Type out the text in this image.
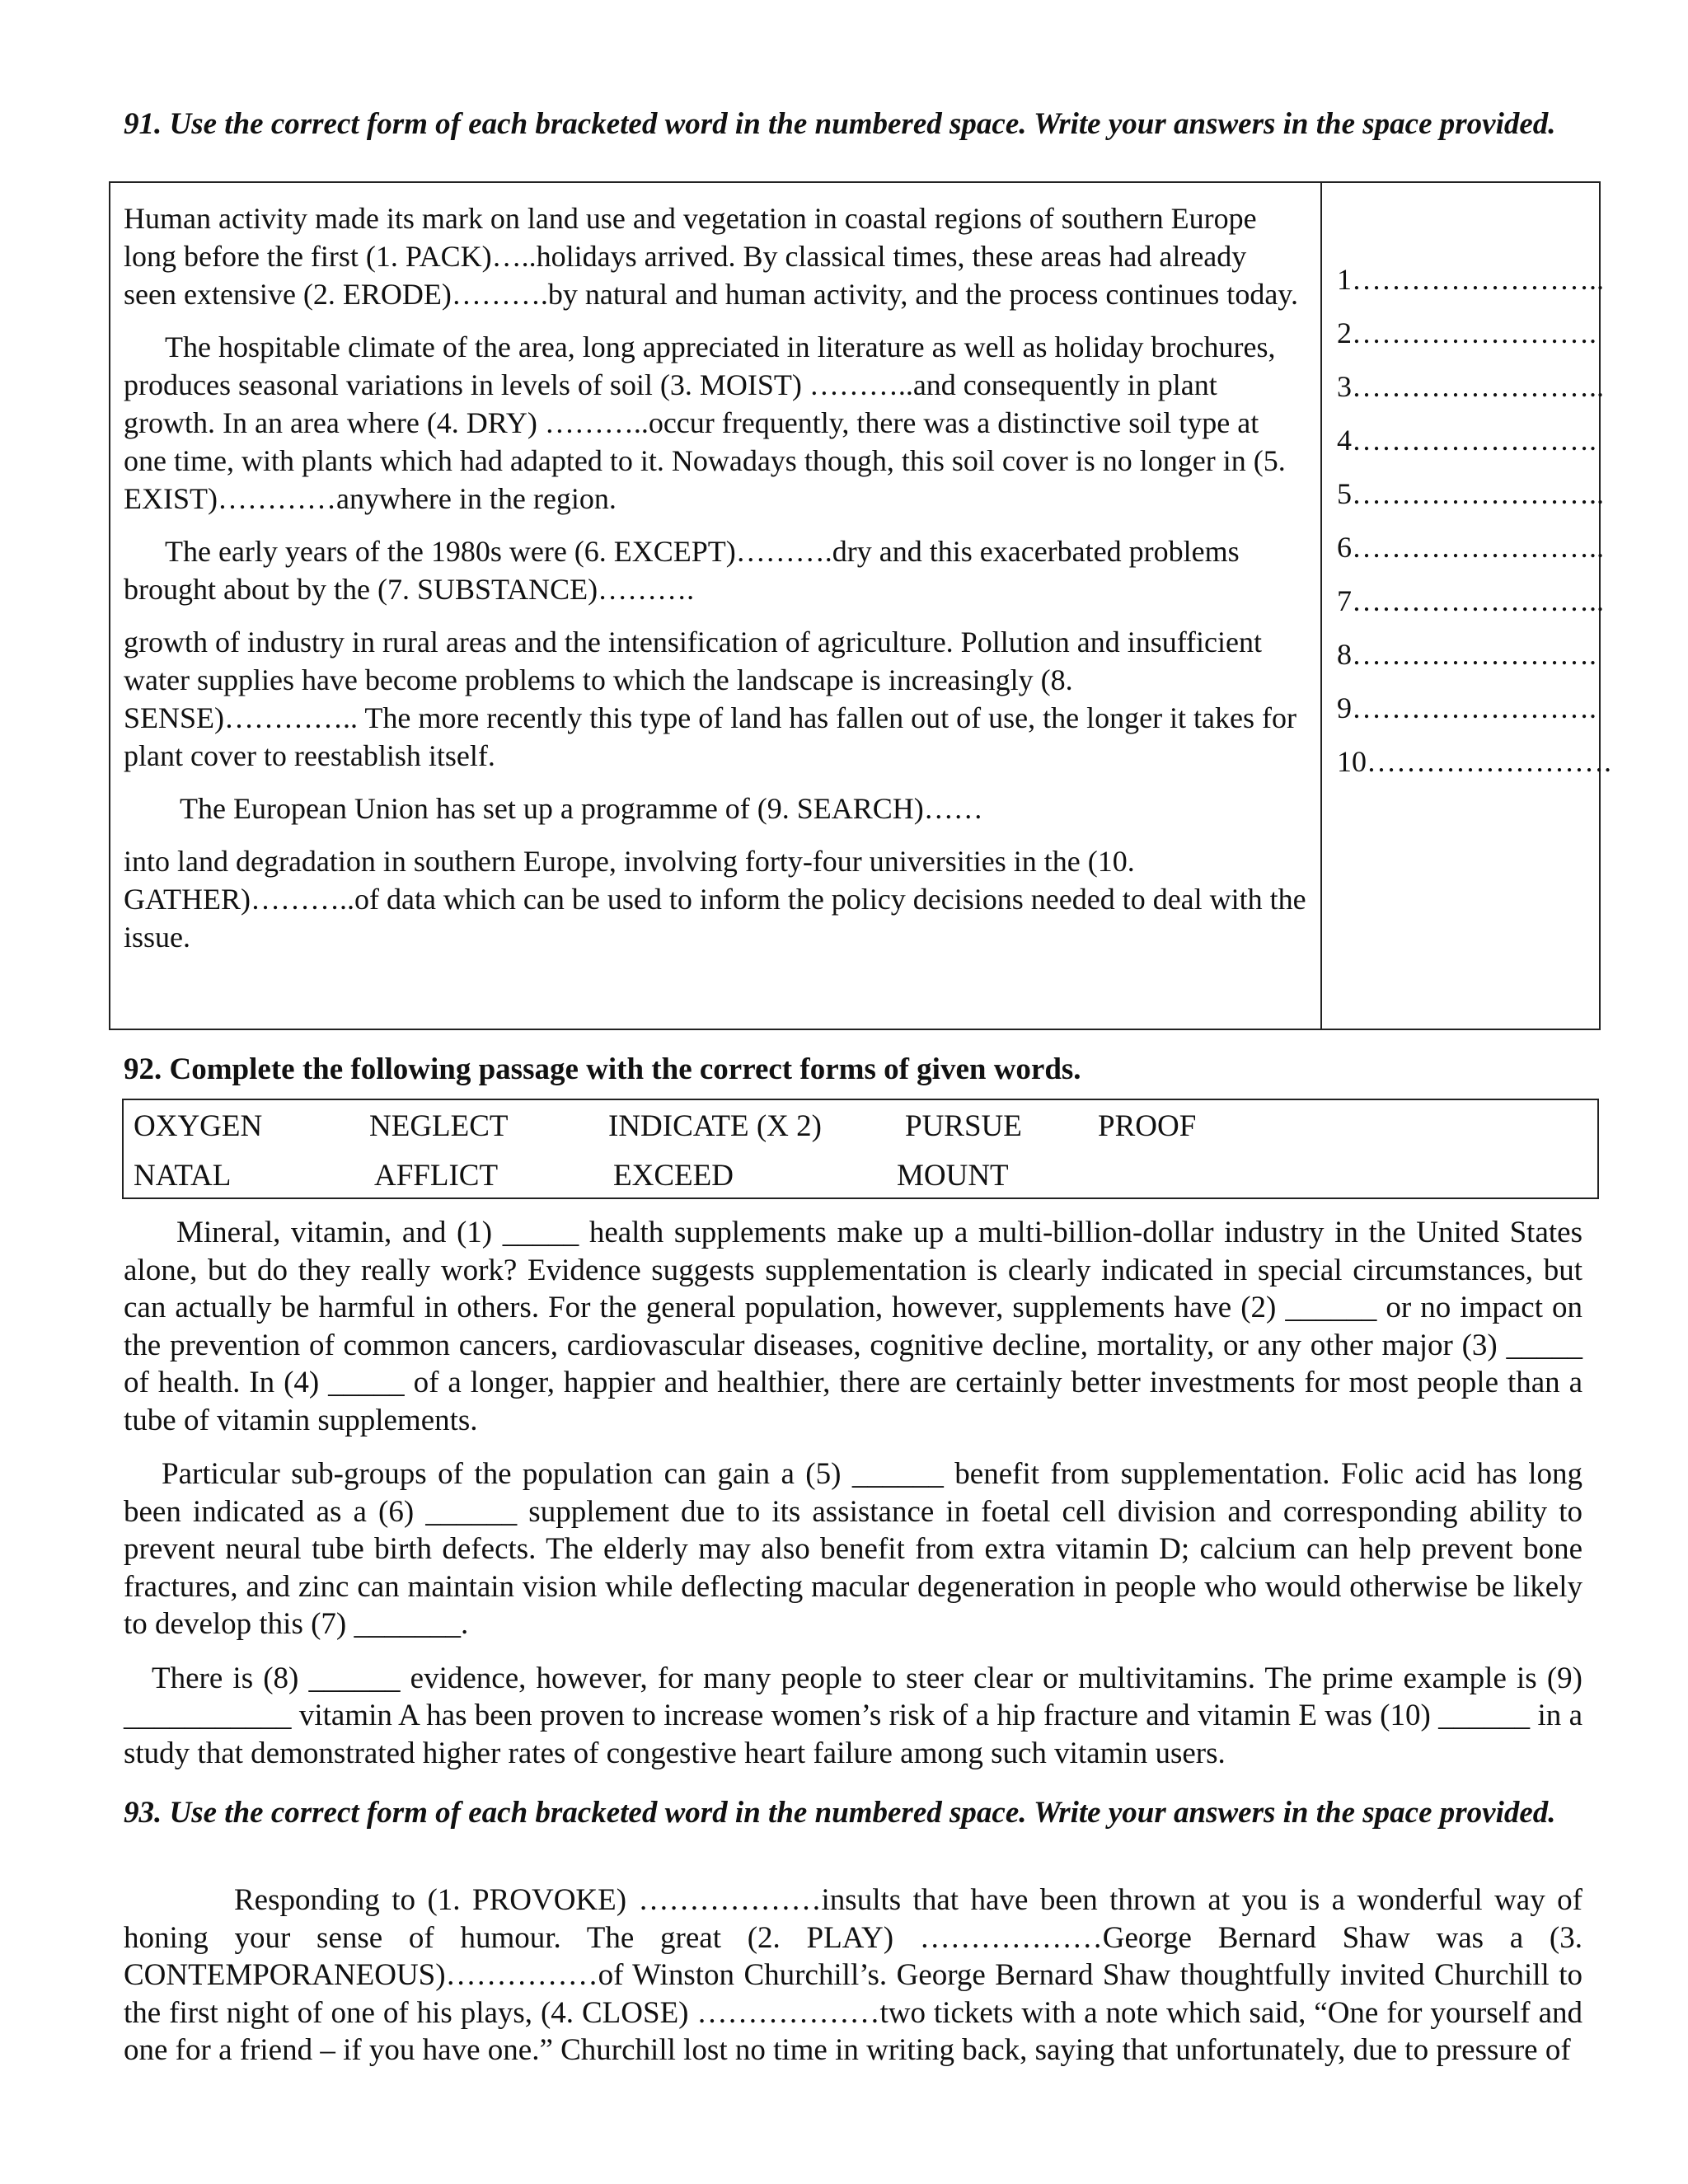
91. Use the correct form of each bracketed word in the numbered space. Write your answers in the space provided.

Human activity made its mark on land use and vegetation in coastal regions of southern Europe long before the first (1. PACK)…..holidays arrived. By classical times, these areas had already seen extensive (2. ERODE)……….by natural and human activity, and the process continues today.

The hospitable climate of the area, long appreciated in literature as well as holiday brochures, produces seasonal variations in levels of soil (3. MOIST) ………..and consequently in plant growth. In an area where (4. DRY) ………..occur frequently, there was a distinctive soil type at one time, with plants which had adapted to it. Nowadays though, this soil cover is no longer in (5. EXIST)…………anywhere in the region.

The early years of the 1980s were (6. EXCEPT)……….dry and this exacerbated problems brought about by the (7. SUBSTANCE)……….

growth of industry in rural areas and the intensification of agriculture. Pollution and insufficient water supplies have become problems to which the landscape is increasingly (8. SENSE)………….. The more recently this type of land has fallen out of use, the longer it takes for plant cover to reestablish itself.

The European Union has set up a programme of (9. SEARCH)……

into land degradation in southern Europe, involving forty-four universities in the (10. GATHER)………..of data which can be used to inform the policy decisions needed to deal with the issue.

1……………………..
2…………………….
3……………………..
4…………………….
5……………………..
6……………………..
7……………………..
8…………………….
9…………………….
10…………………….
92. Complete the following passage with the correct forms of given words.
OXYGEN	NEGLECT	INDICATE (X 2)	PURSUE PROOF
NATAL	AFFLICT	EXCEED	MOUNT

Mineral, vitamin, and (1) _____ health supplements make up a multi-billion-dollar industry in the United States alone, but do they really work? Evidence suggests supplementation is clearly indicated in special circumstances, but can actually be harmful in others. For the general population, however, supplements have (2) ______ or no impact on the prevention of common cancers, cardiovascular diseases, cognitive decline, mortality, or any other major (3) _____ of health. In (4) _____ of a longer, happier and healthier, there are certainly better investments for most people than a tube of vitamin supplements.

Particular sub-groups of the population can gain a (5) ______ benefit from supplementation. Folic acid has long been indicated as a (6) ______ supplement due to its assistance in foetal cell division and corresponding ability to prevent neural tube birth defects. The elderly may also benefit from extra vitamin D; calcium can help prevent bone fractures, and zinc can maintain vision while deflecting macular degeneration in people who would otherwise be likely to develop this (7) _______.

There is (8) ______ evidence, however, for many people to steer clear or multivitamins. The prime example is (9) ___________ vitamin A has been proven to increase women’s risk of a hip fracture and vitamin E was (10) ______ in a study that demonstrated higher rates of congestive heart failure among such vitamin users.

93. Use the correct form of each bracketed word in the numbered space. Write your answers in the space provided.

Responding to (1. PROVOKE) ………………insults that have been thrown at you is a wonderful way of honing your sense of humour. The great (2. PLAY) ………………George Bernard Shaw was a (3. CONTEMPORANEOUS)……………of Winston Churchill’s. George Bernard Shaw thoughtfully invited Churchill to the first night of one of his plays, (4. CLOSE) ………………two tickets with a note which said, “One for yourself and one for a friend – if you have one.” Churchill lost no time in writing back, saying that unfortunately, due to pressure of
